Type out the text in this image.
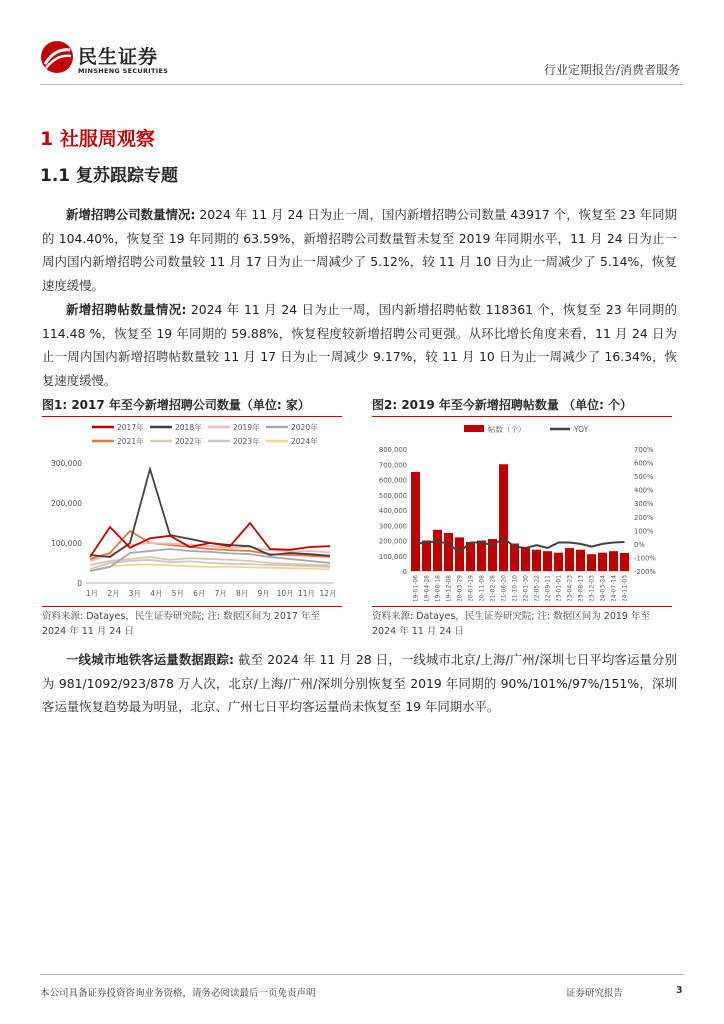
民生证券
MINSHENG SECURITIES	行业定期报告/消费者服务
1 社服周观察
1.1 复苏跟踪专题
新增招聘公司数量情况: 2024 年 11 月 24 日为止一周，国内新增招聘公司数量 43917 个，恢复至 23 年同期的 104.40%，恢复至 19 年同期的 63.59%，新增招聘公司数量暂未复至 2019 年同期水平，11 月 24 日为止一周内国内新增招聘公司数量较 11 月 17 日为止一周减少了 5.12%，较 11 月 10 日为止一周减少了 5.14%，恢复速度缓慢。
新增招聘帖数量情况: 2024 年 11 月 24 日为止一周，国内新增招聘帖数 118361 个，恢复至 23 年同期的 114.48 %，恢复至 19 年同期的 59.88%，恢复程度较新增招聘公司更强。从环比增长角度来看，11 月 24 日为止一周内国内新增招聘帖数量较 11 月 17 日为止一周减少 9.17%，较 11 月 10 日为止一周减少了 16.34%，恢复速度缓慢。
图1: 2017 年至今新增招聘公司数量（单位: 家）
2017年	2018年	2019年	2020年
2021年	2022年	2023年	2024年
0
100,000
200,000
300,000
1月 2月 3月 4月 5月 6月 7月 8月 9月 10月 11月 12月
资料来源: Datayes，民生证券研究院; 注: 数据区间为 2017 年至 2024 年 11 月 24 日
图2: 2019 年至今新增招聘帖数量 （单位: 个）
帖数（个）	YOY
0
100,000
200,000
300,000
400,000
500,000
600,000
700,000
800,000
-200%
-100%
0%
100%
200%
300%
400%
500%
600%
700%
2019-01-06 2019-04-28 2019-08-18 2019-12-08 2020-03-29 2020-07-19 2020-11-08 2021-02-28 2021-06-20 2021-10-10 2022-01-30 2022-05-22 2022-09-11 2023-01-01 2023-04-23 2023-08-13 2023-12-03 2024-03-24 2024-07-14 2024-11-03
资料来源: Datayes，民生证券研究院; 注: 数据区间为 2019 年至 2024 年 11 月 24 日
一线城市地铁客运量数据跟踪: 截至 2024 年 11 月 28 日，一线城市北京/上海/广州/深圳七日平均客运量分别为 981/1092/923/878 万人次，北京/上海/广州/深圳分别恢复至 2019 年同期的 90%/101%/97%/151%，深圳客运量恢复趋势最为明显，北京、广州七日平均客运量尚未恢复至 19 年同期水平。
本公司具备证券投资咨询业务资格，请务必阅读最后一页免责声明	证券研究报告	3
